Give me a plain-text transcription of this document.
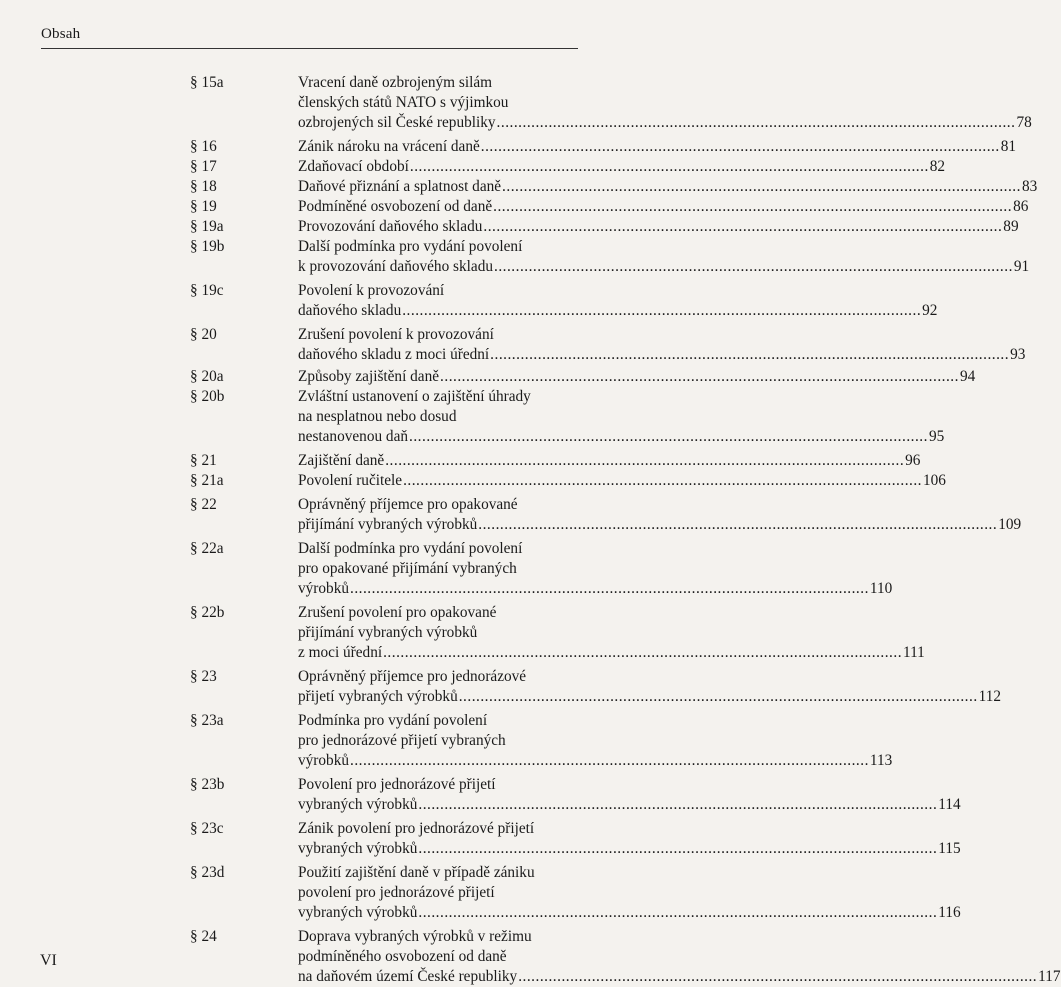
Obsah
§ 15a	Vracení daně ozbrojeným silám
členských států NATO s výjimkou
ozbrojených sil České republiky ........................................................................................................................ 78
§ 16	Zánik nároku na vrácení daně ........................................................................................................................ 81
§ 17	Zdaňovací období ........................................................................................................................ 82
§ 18	Daňové přiznání a splatnost daně ........................................................................................................................ 83
§ 19	Podmíněné osvobození od daně ........................................................................................................................ 86
§ 19a	Provozování daňového skladu ........................................................................................................................ 89
§ 19b	Další podmínka pro vydání povolení
k provozování daňového skladu ........................................................................................................................ 91
§ 19c	Povolení k provozování
daňového skladu ........................................................................................................................ 92
§ 20	Zrušení povolení k provozování
daňového skladu z moci úřední ........................................................................................................................ 93
§ 20a	Způsoby zajištění daně ........................................................................................................................ 94
§ 20b	Zvláštní ustanovení o zajištění úhrady
na nesplatnou nebo dosud
nestanovenou daň ........................................................................................................................ 95
§ 21	Zajištění daně ........................................................................................................................ 96
§ 21a	Povolení ručitele ........................................................................................................................ 106
§ 22	Oprávněný příjemce pro opakované
přijímání vybraných výrobků ........................................................................................................................ 109
§ 22a	Další podmínka pro vydání povolení
pro opakované přijímání vybraných
výrobků ........................................................................................................................ 110
§ 22b	Zrušení povolení pro opakované
přijímání vybraných výrobků
z moci úřední ........................................................................................................................ 111
§ 23	Oprávněný příjemce pro jednorázové
přijetí vybraných výrobků ........................................................................................................................ 112
§ 23a	Podmínka pro vydání povolení
pro jednorázové přijetí vybraných
výrobků ........................................................................................................................ 113
§ 23b	Povolení pro jednorázové přijetí
vybraných výrobků ........................................................................................................................ 114
§ 23c	Zánik povolení pro jednorázové přijetí
vybraných výrobků ........................................................................................................................ 115
§ 23d	Použití zajištění daně v případě zániku
povolení pro jednorázové přijetí
vybraných výrobků ........................................................................................................................ 116
§ 24	Doprava vybraných výrobků v režimu
podmíněného osvobození od daně
na daňovém území České republiky ........................................................................................................................ 117
VI
